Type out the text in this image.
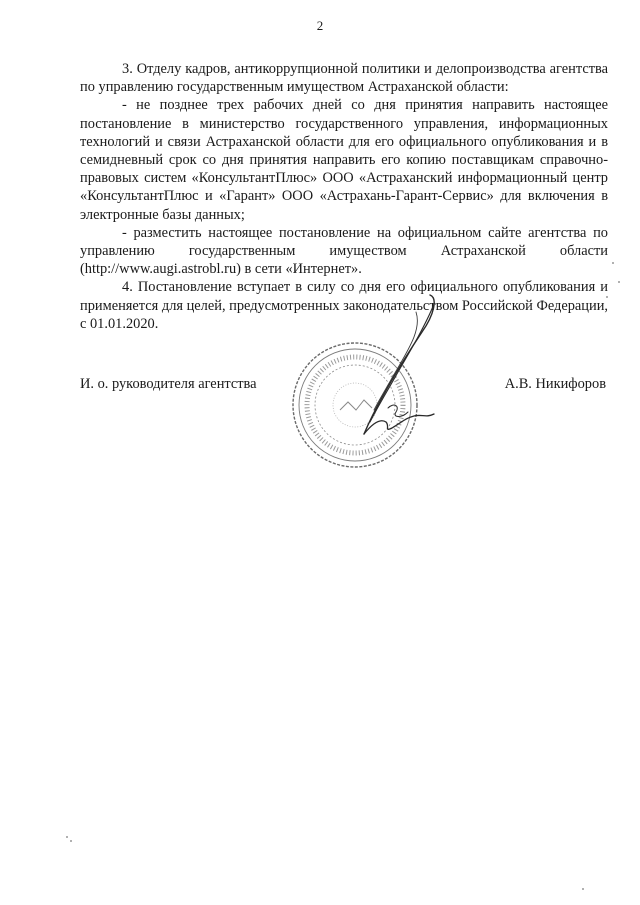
2

3. Отделу кадров, антикоррупционной политики и делопроизводства агентства по управлению государственным имуществом Астраханской области:

- не позднее трех рабочих дней со дня принятия направить настоящее постановление в министерство государственного управления, информационных технологий и связи Астраханской области для его официального опубликования и в семидневный срок со дня принятия направить его копию поставщикам справочно-правовых систем «КонсультантПлюс» ООО «Астраханский информационный центр «КонсультантПлюс и «Гарант» ООО «Астрахань-Гарант-Сервис» для включения в электронные базы данных;

- разместить настоящее постановление на официальном сайте агентства по управлению государственным имуществом Астраханской области (http://www.augi.astrobl.ru) в сети «Интернет».

4. Постановление вступает в силу со дня его официального опубликования и применяется для целей, предусмотренных законодательством Российской Федерации, с 01.01.2020.

И. о. руководителя агентства	А.В. Никифоров
